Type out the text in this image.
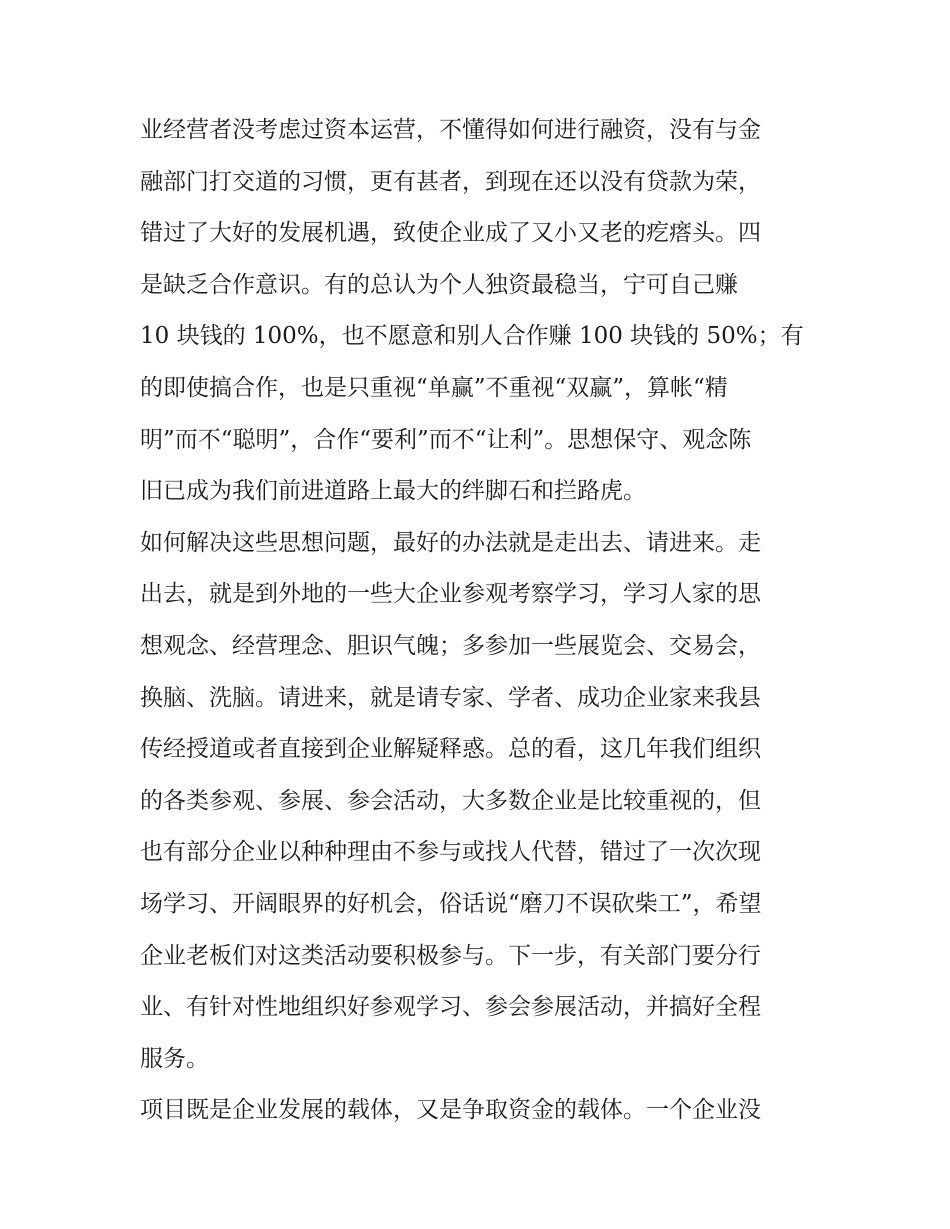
业经营者没考虑过资本运营，不懂得如何进行融资，没有与金
融部门打交道的习惯，更有甚者，到现在还以没有贷款为荣，
错过了大好的发展机遇，致使企业成了又小又老的疙瘩头。四
是缺乏合作意识。有的总认为个人独资最稳当，宁可自己赚
10 块钱的 100%，也不愿意和别人合作赚 100 块钱的 50%；有
的即使搞合作，也是只重视“单赢”不重视“双赢”，算帐“精
明”而不“聪明”，合作“要利”而不“让利”。思想保守、观念陈
旧已成为我们前进道路上最大的绊脚石和拦路虎。
如何解决这些思想问题，最好的办法就是走出去、请进来。走
出去，就是到外地的一些大企业参观考察学习，学习人家的思
想观念、经营理念、胆识气魄；多参加一些展览会、交易会，
换脑、洗脑。请进来，就是请专家、学者、成功企业家来我县
传经授道或者直接到企业解疑释惑。总的看，这几年我们组织
的各类参观、参展、参会活动，大多数企业是比较重视的，但
也有部分企业以种种理由不参与或找人代替，错过了一次次现
场学习、开阔眼界的好机会，俗话说“磨刀不误砍柴工”，希望
企业老板们对这类活动要积极参与。下一步，有关部门要分行
业、有针对性地组织好参观学习、参会参展活动，并搞好全程
服务。
项目既是企业发展的载体，又是争取资金的载体。一个企业没
